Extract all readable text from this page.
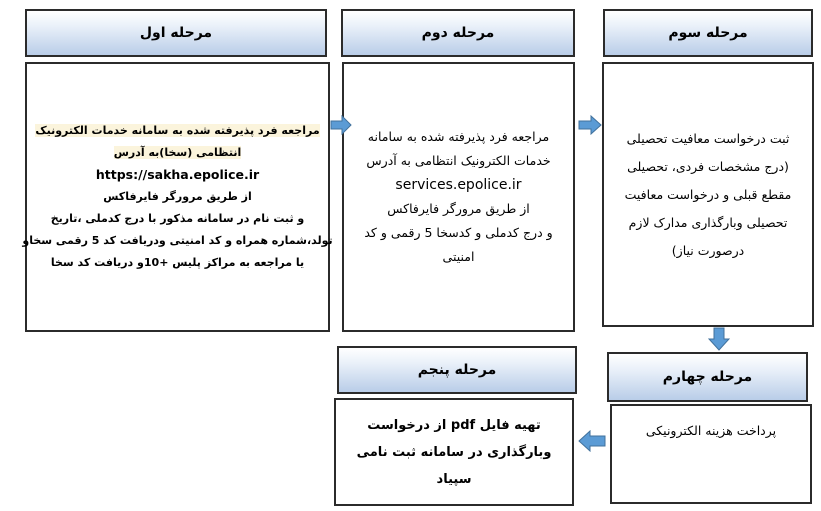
مرحله اول
مراجعه فرد پذیرفته شده به سامانه خدمات الکترونیک
انتظامی (سخا)به آدرس
https://sakha.epolice.ir
از طریق مرورگر فایرفاکس
و ثبت نام در سامانه مذکور با درج کدملی ،تاریخ
تولد،شماره همراه و کد امنیتی ودریافت کد 5 رقمی سخاو
یا مراجعه به مراکز پلیس +10و دریافت کد سخا
مرحله دوم
مراجعه فرد پذیرفته شده به سامانه
خدمات الکترونیک انتظامی به آدرس
services.epolice.ir
از طریق مرورگر فایرفاکس
و درج کدملی و کدسخا 5 رقمی و کد
امنیتی
مرحله سوم
ثبت درخواست معافیت تحصیلی
(درج مشخصات فردی، تحصیلی
مقطع قبلی و درخواست معافیت
تحصیلی وبارگذاری مدارک لازم
درصورت نیاز)
مرحله چهارم
پرداخت هزینه الکترونیکی
مرحله پنجم
تهیه فایل pdf از درخواست
وبارگذاری در سامانه ثبت نامی
سپیاد
